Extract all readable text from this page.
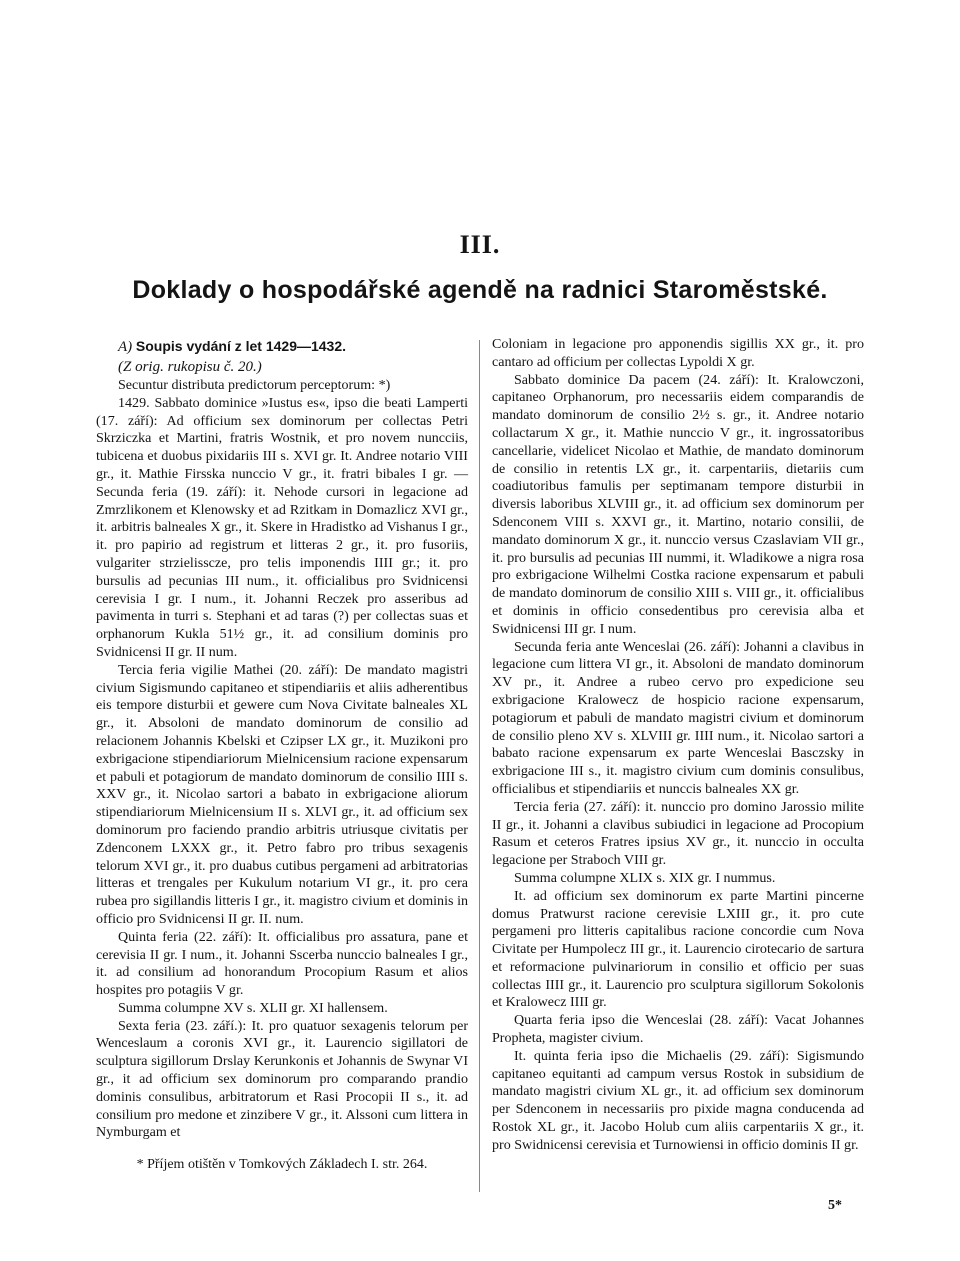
III.
Doklady o hospodářské agendě na radnici Staroměstské.

A) Soupis vydání z let 1429—1432.

(Z orig. rukopisu č. 20.)

Secuntur distributa predictorum perceptorum: *)

1429. Sabbato dominice »Iustus es«, ipso die beati Lamperti (17. září): Ad officium sex dominorum per collectas Petri Skrziczka et Martini, fratris Wostnik, et pro novem nuncciis, tubicena et duobus pixidariis III s. XVI gr. It. Andree notario VIII gr., it. Mathie Firsska nunccio V gr., it. fratri bibales I gr. — Secunda feria (19. září): it. Nehode cursori in legacione ad Zmrzlikonem et Klenowsky et ad Rzitkam in Domazlicz XVI gr., it. arbitris balneales X gr., it. Skere in Hradistko ad Vishanus I gr., it. pro papirio ad registrum et litteras 2 gr., it. pro fusoriis, vulgariter strzielisscze, pro telis imponendis IIII gr.; it. pro bursulis ad pecunias III num., it. officialibus pro Svidnicensi cerevisia I gr. I num., it. Johanni Reczek pro asseribus ad pavimenta in turri s. Stephani et ad taras (?) per collectas suas et orphanorum Kukla 51½ gr., it. ad consilium dominis pro Svidnicensi II gr. II num.

Tercia feria vigilie Mathei (20. září): De mandato magistri civium Sigismundo capitaneo et stipendiariis et aliis adherentibus eis tempore disturbii et gewere cum Nova Civitate balneales XL gr., it. Absoloni de mandato dominorum de consilio ad relacionem Johannis Kbelski et Czipser LX gr., it. Muzikoni pro exbrigacione stipendiariorum Mielnicensium racione expensarum et pabuli et potagiorum de mandato dominorum de consilio IIII s. XXV gr., it. Nicolao sartori a babato in exbrigacione aliorum stipendiariorum Mielnicensium II s. XLVI gr., it. ad officium sex dominorum pro faciendo prandio arbitris utriusque civitatis per Zdenconem LXXX gr., it. Petro fabro pro tribus sexagenis telorum XVI gr., it. pro duabus cutibus pergameni ad arbitratorias litteras et trengales per Kukulum notarium VI gr., it. pro cera rubea pro sigillandis litteris I gr., it. magistro civium et dominis in officio pro Svidnicensi II gr. II. num.

Quinta feria (22. září): It. officialibus pro assatura, pane et cerevisia II gr. I num., it. Johanni Sscerba nunccio balneales I gr., it. ad consilium ad honorandum Procopium Rasum et alios hospites pro potagiis V gr.

Summa columpne XV s. XLII gr. XI hallensem.

Sexta feria (23. září.): It. pro quatuor sexagenis telorum per Wenceslaum a coronis XVI gr., it. Laurencio sigillatori de sculptura sigillorum Drslay Kerunkonis et Johannis de Swynar VI gr., it ad officium sex dominorum pro comparando prandio dominis consulibus, arbitratorum et Rasi Procopii II s., it. ad consilium pro medone et zinzibere V gr., it. Alssoni cum littera in Nymburgam et

* Příjem otištěn v Tomkových Základech I. str. 264.

Coloniam in legacione pro apponendis sigillis XX gr., it. pro cantaro ad officium per collectas Lypoldi X gr.

Sabbato dominice Da pacem (24. září): It. Kralowczoni, capitaneo Orphanorum, pro necessariis eidem comparandis de mandato dominorum de consilio 2½ s. gr., it. Andree notario collactarum X gr., it. Mathie nunccio V gr., it. ingrossatoribus cancellarie, videlicet Nicolao et Mathie, de mandato dominorum de consilio in retentis LX gr., it. carpentariis, dietariis cum coadiutoribus famulis per septimanam tempore disturbii in diversis laboribus XLVIII gr., it. ad officium sex dominorum per Sdenconem VIII s. XXVI gr., it. Martino, notario consilii, de mandato dominorum X gr., it. nunccio versus Czaslaviam VII gr., it. pro bursulis ad pecunias III nummi, it. Wladikowe a nigra rosa pro exbrigacione Wilhelmi Costka racione expensarum et pabuli de mandato dominorum de consilio XIII s. VIII gr., it. officialibus et dominis in officio consedentibus pro cerevisia alba et Swidnicensi III gr. I num.

Secunda feria ante Wenceslai (26. září): Johanni a clavibus in legacione cum littera VI gr., it. Absoloni de mandato dominorum XV pr., it. Andree a rubeo cervo pro expedicione seu exbrigacione Kralowecz de hospicio racione expensarum, potagiorum et pabuli de mandato magistri civium et dominorum de consilio pleno XV s. XLVIII gr. IIII num., it. Nicolao sartori a babato racione expensarum ex parte Wenceslai Basczsky in exbrigacione III s., it. magistro civium cum dominis consulibus, officialibus et stipendiariis et nunccis balneales XX gr.

Tercia feria (27. září): it. nunccio pro domino Jarossio milite II gr., it. Johanni a clavibus subiudici in legacione ad Procopium Rasum et ceteros Fratres ipsius XV gr., it. nunccio in occulta legacione per Straboch VIII gr.

Summa columpne XLIX s. XIX gr. I nummus.

It. ad officium sex dominorum ex parte Martini pincerne domus Pratwurst racione cerevisie LXIII gr., it. pro cute pergameni pro litteris capitalibus racione concordie cum Nova Civitate per Humpolecz III gr., it. Laurencio cirotecario de sartura et reformacione pulvinariorum in consilio et officio per suas collectas IIII gr., it. Laurencio pro sculptura sigillorum Sokolonis et Kralowecz IIII gr.

Quarta feria ipso die Wenceslai (28. září): Vacat Johannes Propheta, magister civium.

It. quinta feria ipso die Michaelis (29. září): Sigismundo capitaneo equitanti ad campum versus Rostok in subsidium de mandato magistri civium XL gr., it. ad officium sex dominorum per Sdenconem in necessariis pro pixide magna conducenda ad Rostok XL gr., it. Jacobo Holub cum aliis carpentariis X gr., it. pro Swidnicensi cerevisia et Turnowiensi in officio dominis II gr.

5*
